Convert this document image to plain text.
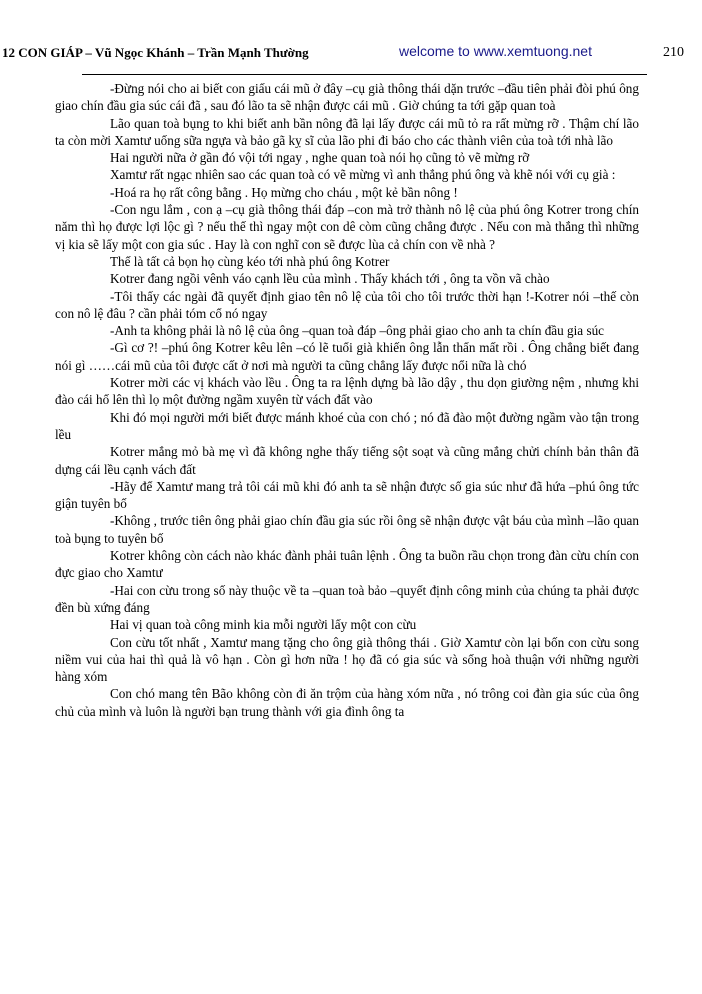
12 CON GIÁP – Vũ Ngọc Khánh – Trần Mạnh Thường	welcome to www.xemtuong.net	210

-Đừng nói cho ai biết con giấu cái mũ ở đây –cụ già thông thái dặn trước –đầu tiên phải đòi phú ông giao chín đầu gia súc cái đã , sau đó lão ta sẽ nhận được cái mũ . Giờ chúng ta tới gặp quan toà

Lão quan toà bụng to khi biết anh bần nông đã lại lấy được cái mũ tỏ ra rất mừng rỡ . Thậm chí lão ta còn mời Xamtư uống sữa ngựa và bảo gã kỵ sĩ của lão phi đi báo cho các thành viên của toà tới nhà lão

Hai người nữa ở gần đó vội tới ngay , nghe quan toà nói họ cũng tỏ vẽ mừng rỡ

Xamtư rất ngạc nhiên sao các quan toà có vẽ mừng vì anh thắng phú ông và khẽ nói với cụ già :

-Hoá ra họ rất công bằng . Họ mừng cho cháu , một kẻ bần nông !

-Con ngu lắm , con ạ –cụ già thông thái đáp –con mà trở thành nô lệ của phú ông Kotrer trong chín năm thì họ được lợi lộc gì ? nếu thế thì ngay một con dê còm cũng chẳng được . Nếu con mà thắng thì những vị kia sẽ lấy một con gia súc . Hay là con nghĩ con sẽ được lùa cả chín con về nhà ?

Thế là tất cả bọn họ cùng kéo tới nhà phú ông Kotrer

Kotrer đang ngồi vênh váo cạnh lều của mình . Thấy khách tới , ông ta vồn vã chào

-Tôi thấy các ngài đã quyết định giao tên nô lệ của tôi cho tôi trước thời hạn !-Kotrer nói –thế còn con nô lệ đâu ? cần phải tóm cổ nó ngay

-Anh ta không phải là nô lệ của ông –quan toà đáp –ông phải giao cho anh ta chín đầu gia súc

-Gì cơ ?! –phú ông Kotrer kêu lên –có lẽ tuổi già khiến ông lẫn thẩn mất rồi . Ông chẳng biết đang nói gì ……cái mũ của tôi được cất ở nơi mà người ta cũng chẳng lấy được nổi nữa là chó

Kotrer mời các vị khách vào lều . Ông ta ra lệnh dựng bà lão dậy , thu dọn giường nệm , nhưng khi đào cái hố lên thì lọ một đường ngầm xuyên từ vách đất vào

Khi đó mọi người mới biết được mánh khoé của con chó ; nó đã đào một đường ngầm vào tận trong lều

Kotrer mắng mỏ bà mẹ vì đã không nghe thấy tiếng sột soạt và cũng mắng chửi chính bản thân đã dựng cái lều cạnh vách đất

-Hãy để Xamtư mang trả tôi cái mũ khi đó anh ta sẽ nhận được số gia súc như đã hứa –phú ông tức giận tuyên bố

-Không , trước tiên ông phải giao chín đầu gia súc rồi ông sẽ nhận được vật báu của mình –lão quan toà bụng to tuyên bố

Kotrer không còn cách nào khác đành phải tuân lệnh . Ông ta buồn rầu chọn trong đàn cừu chín con đực giao cho Xamtư

-Hai con cừu trong số này thuộc về ta –quan toà bảo –quyết định công minh của chúng ta phải được đền bù xứng đáng

Hai vị quan toà công minh kia mỗi người lấy một con cừu

Con cừu tốt nhất , Xamtư mang tặng cho ông già thông thái . Giờ Xamtư còn lại bốn con cừu song niềm vui của hai thì quả là vô hạn . Còn gì hơn nữa ! họ đã có gia súc và sống hoà thuận với những người hàng xóm

Con chó mang tên Bão không còn đi ăn trộm của hàng xóm nữa , nó trông coi đàn gia súc của ông chủ của mình và luôn là người bạn trung thành với gia đình ông ta
